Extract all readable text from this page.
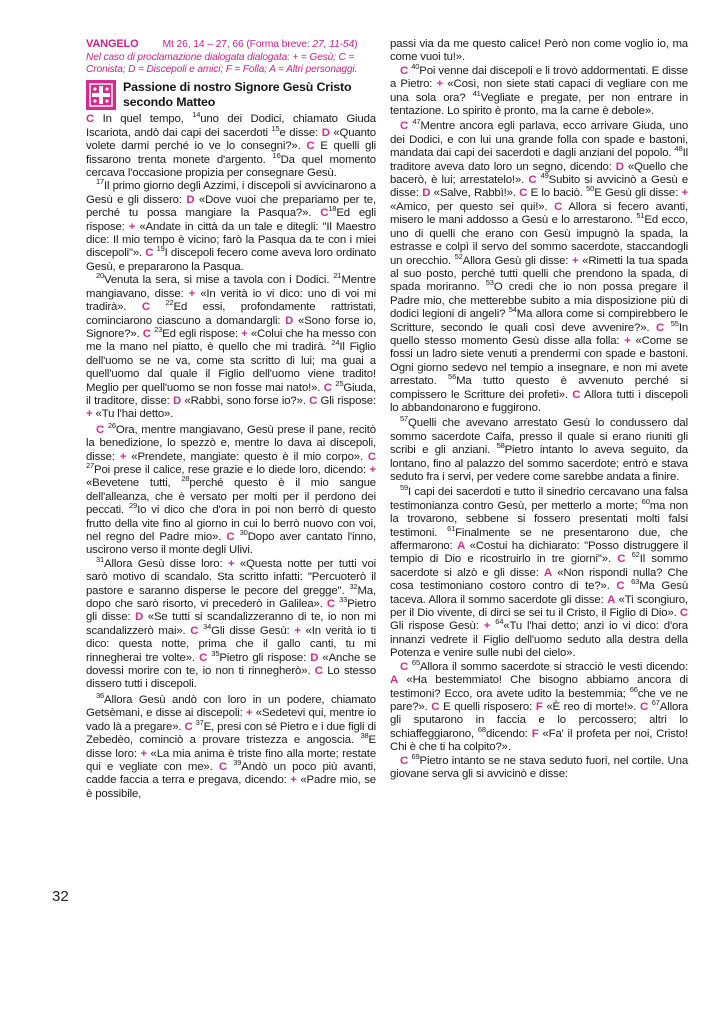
VANGELO Mt 26, 14 – 27, 66 (Forma breve: 27, 11-54)
Nel caso di proclamazione dialogata dialogata: + = Gesù; C = Cronista; D = Discepoli e amici; F = Folla; A = Altri personaggi.
Passione di nostro Signore Gesù Cristo
secondo Matteo

C In quel tempo, $^{14}$uno dei Dodici, chiamato Giuda Iscariota, andò dai capi dei sacerdoti $^{15}$e disse: D «Quanto volete darmi perché io ve lo consegni?». C E quelli gli fissarono trenta monete d'argento. $^{16}$Da quel momento cercava l'occasione propizia per consegnare Gesù.

$^{17}$Il primo giorno degli Azzimi, i discepoli si avvicinarono a Gesù e gli dissero: D «Dove vuoi che prepariamo per te, perché tu possa mangiare la Pasqua?». $C^{18}Ed$ egli rispose: + «Andate in città da un tale e ditegli: "Il Maestro dice: Il mio tempo è vicino; farò la Pasqua da te con i miei discepoli"». C $^{19}$I discepoli fecero come aveva loro ordinato Gesù, e prepararono la Pasqua.

$^{20}$Venuta la sera, si mise a tavola con i Dodici. $^{21}$Mentre mangiavano, disse: + «In verità io vi dico: uno di voi mi tradirà». C $^{22}$Ed essi, profondamente rattristati, cominciarono ciascuno a domandargli: D «Sono forse io, Signore?». C $^{23}$Ed egli rispose: + «Colui che ha messo con me la mano nel piatto, è quello che mi tradirà. $^{24}$Il Figlio dell'uomo se ne va, come sta scritto di lui; ma guai a quell'uomo dal quale il Figlio dell'uomo viene tradito! Meglio per quell'uomo se non fosse mai nato!». C $^{25}$Giuda, il traditore, disse: D «Rabbì, sono forse io?». C Gli rispose: + «Tu l'hai detto».

C $^{26}$Ora, mentre mangiavano, Gesù prese il pane, recitò la benedizione, lo spezzò e, mentre lo dava ai discepoli, disse: + «Prendete, mangiate: questo è il mio corpo». C $^{27}$Poi prese il calice, rese grazie e lo diede loro, dicendo: + «Bevetene tutti, $^{28}$perché questo è il mio sangue dell'alleanza, che è versato per molti per il perdono dei peccati. $^{29}$Io vi dico che d'ora in poi non berrò di questo frutto della vite fino al giorno in cui lo berrò nuovo con voi, nel regno del Padre mio». C $^{30}$Dopo aver cantato l'inno, uscirono verso il monte degli Ulivi.

$^{31}$Allora Gesù disse loro: + «Questa notte per tutti voi sarò motivo di scandalo. Sta scritto infatti: "Percuoterò il pastore e saranno disperse le pecore del gregge". $^{32}$Ma, dopo che sarò risorto, vi precederò in Galilea». C $^{33}$Pietro gli disse: D «Se tutti si scandalizzeranno di te, io non mi scandalizzerò mai». C $^{34}$Gli disse Gesù: + «In verità io ti dico: questa notte, prima che il gallo canti, tu mi rinnegherai tre volte». C $^{35}$Pietro gli rispose: D «Anche se dovessi morire con te, io non ti rinnegherò». C Lo stesso dissero tutti i discepoli.

$^{36}$Allora Gesù andò con loro in un podere, chiamato Getsèmani, e disse ai discepoli: + «Sedetevi qui, mentre io vado là a pregare». C $^{37}$E, presi con sé Pietro e i due figli di Zebedèo, cominciò a provare tristezza e angoscia. $^{38}$E disse loro: + «La mia anima è triste fino alla morte; restate qui e vegliate con me». C $^{39}$Andò un poco più avanti, cadde faccia a terra e pregava, dicendo: + «Padre mio, se è possibile,

passi via da me questo calice! Però non come voglio io, ma come vuoi tu!».

C $^{40}$Poi venne dai discepoli e li trovò addormentati. E disse a Pietro: + «Così, non siete stati capaci di vegliare con me una sola ora? $^{41}$Vegliate e pregate, per non entrare in tentazione. Lo spirito è pronto, ma la carne è debole».

C $^{47}$Mentre ancora egli parlava, ecco arrivare Giuda, uno dei Dodici, e con lui una grande folla con spade e bastoni, mandata dai capi dei sacerdoti e dagli anziani del popolo. $^{48}$Il traditore aveva dato loro un segno, dicendo: D «Quello che bacerò, è lui; arrestatelo!». C $^{49}$Subito si avvicinò a Gesù e disse: D «Salve, Rabbì!». C E lo baciò. $^{50}$E Gesù gli disse: + «Amico, per questo sei qui!». C Allora si fecero avanti, misero le mani addosso a Gesù e lo arrestarono. $^{51}$Ed ecco, uno di quelli che erano con Gesù impugnò la spada, la estrasse e colpì il servo del sommo sacerdote, staccandogli un orecchio. $^{52}$Allora Gesù gli disse: + «Rimetti la tua spada al suo posto, perché tutti quelli che prendono la spada, di spada moriranno. $^{53}$O credi che io non possa pregare il Padre mio, che metterebbe subito a mia disposizione più di dodici legioni di angeli? $^{54}$Ma allora come si compirebbero le Scritture, secondo le quali così deve avvenire?». C $^{55}$In quello stesso momento Gesù disse alla folla: + «Come se fossi un ladro siete venuti a prendermi con spade e bastoni. Ogni giorno sedevo nel tempio a insegnare, e non mi avete arrestato. $^{56}$Ma tutto questo è avvenuto perché si compissero le Scritture dei profeti». C Allora tutti i discepoli lo abbandonarono e fuggirono.

$^{57}$Quelli che avevano arrestato Gesù lo condussero dal sommo sacerdote Caifa, presso il quale si erano riuniti gli scribi e gli anziani. $^{58}$Pietro intanto lo aveva seguito, da lontano, fino al palazzo del sommo sacerdote; entrò e stava seduto fra i servi, per vedere come sarebbe andata a finire.

$^{59}$I capi dei sacerdoti e tutto il sinedrio cercavano una falsa testimonianza contro Gesù, per metterlo a morte; $^{60}$ma non la trovarono, sebbene si fossero presentati molti falsi testimoni. $^{61}$Finalmente se ne presentarono due, che affermarono: A «Costui ha dichiarato: "Posso distruggere il tempio di Dio e ricostruirlo in tre giorni"». C $^{62}$Il sommo sacerdote si alzò e gli disse: A «Non rispondi nulla? Che cosa testimoniano costoro contro di te?». C $^{63}$Ma Gesù taceva. Allora il sommo sacerdote gli disse: A «Ti scongiuro, per il Dio vivente, di dirci se sei tu il Cristo, il Figlio di Dio». C Gli rispose Gesù: + $^{64}$«Tu l'hai detto; anzi io vi dico: d'ora innanzi vedrete il Figlio dell'uomo seduto alla destra della Potenza e venire sulle nubi del cielo».

C $^{65}$Allora il sommo sacerdote si stracciò le vesti dicendo: A «Ha bestemmiato! Che bisogno abbiamo ancora di testimoni? Ecco, ora avete udito la bestemmia; $^{66}$che ve ne pare?». C E quelli risposero: F «È reo di morte!». C $^{67}$Allora gli sputarono in faccia e lo percossero; altri lo schiaffeggiarono, $^{68}$dicendo: F «Fa' il profeta per noi, Cristo! Chi è che ti ha colpito?».

C $^{69}$Pietro intanto se ne stava seduto fuori, nel cortile. Una giovane serva gli si avvicinò e disse:

32
